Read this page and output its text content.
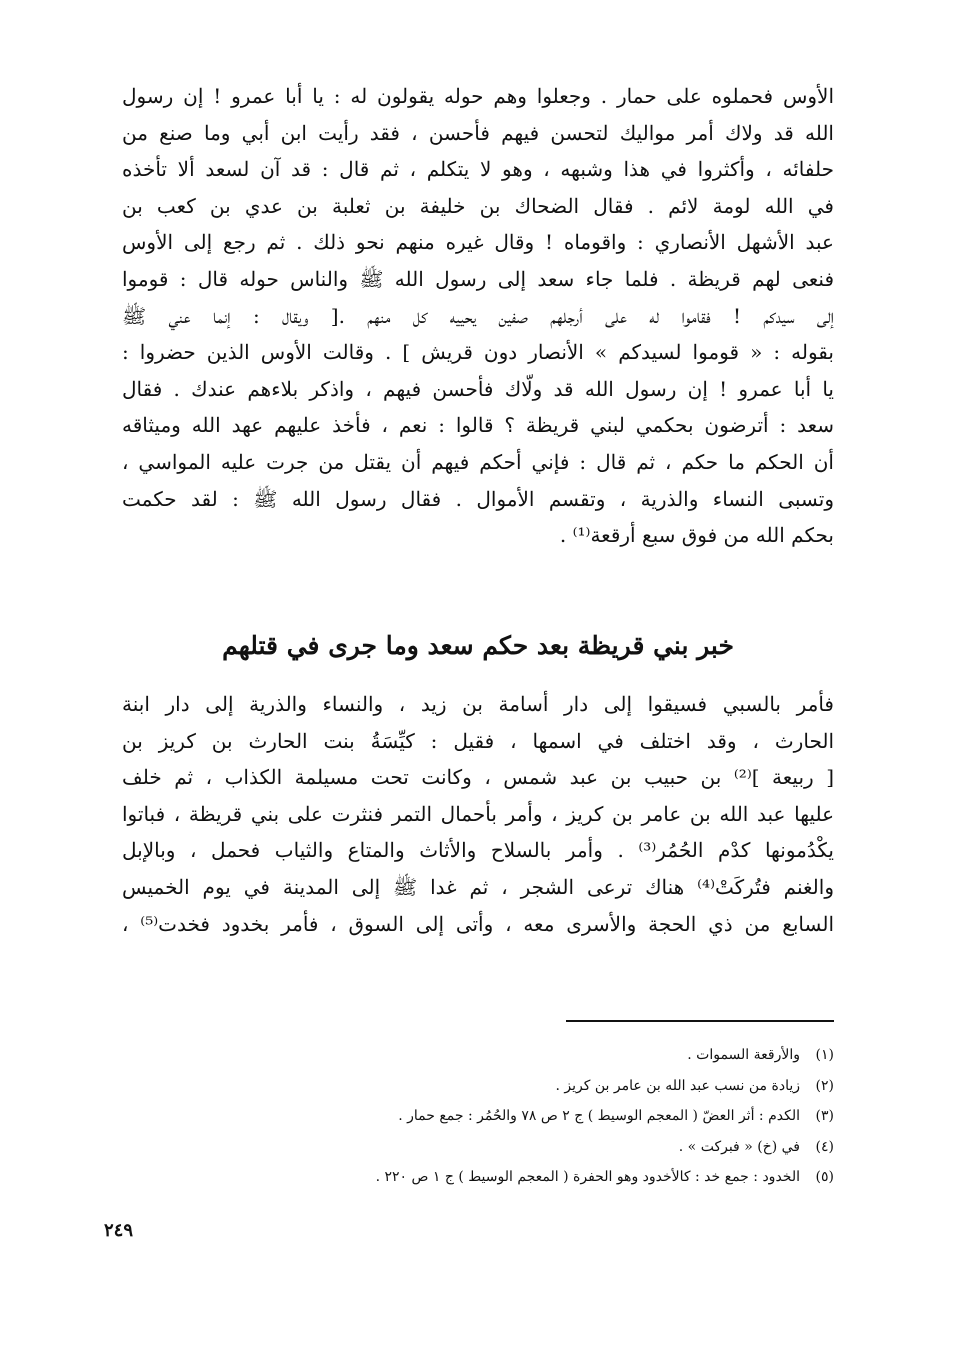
الأوس فحملوه على حمار . وجعلوا وهم حوله يقولون له : يا أبا عمرو ! إن رسول
الله قد ولاك أمر مواليك لتحسن فيهم فأحسن ، فقد رأيت ابن أبي وما صنع من
حلفائه ، وأكثروا في هذا وشبهه ، وهو لا يتكلم ، ثم قال : قد آن لسعد ألا تأخذه
في الله لومة لائم . فقال الضحاك بن خليفة بن ثعلبة بن عدي بن كعب بن
عبد الأشهل الأنصاري : واقوماه ! وقال غيره منهم نحو ذلك . ثم رجع إلى الأوس
فنعى لهم قريظة . فلما جاء سعد إلى رسول الله ﷺ والناس حوله قال : قوموا
إلى سيدكم ! فقاموا له على أرجلهم صفين يحييه كل منهم .[ ويقال : إنما عني ﷺ
بقوله : « قوموا لسيدكم » الأنصار دون قريش ] . وقالت الأوس الذين حضروا :
يا أبا عمرو ! إن رسول الله قد ولّاك فأحسن فيهم ، واذكر بلاءهم عندك . فقال
سعد : أترضون بحكمي لبني قريظة ؟ قالوا : نعم ، فأخذ عليهم عهد الله وميثاقه
أن الحكم ما حكم ، ثم قال : فإني أحكم فيهم أن يقتل من جرت عليه المواسي ،
وتسبى النساء والذرية ، وتقسم الأموال . فقال رسول الله ﷺ : لقد حكمت
بحكم الله من فوق سبع أرقعة⁽¹⁾ .
خبر بني قريظة بعد حكم سعد وما جرى في قتلهم
فأمر بالسبي فسيقوا إلى دار أسامة بن زيد ، والنساء والذرية إلى دار ابنة
الحارث ، وقد اختلف في اسمها ، فقيل : كيِّسَةُ بنت الحارث بن كريز بن
[ ربيعة ]⁽²⁾ بن حبيب بن عبد شمس ، وكانت تحت مسيلمة الكذاب ، ثم خلف
عليها عبد الله بن عامر بن كريز ، وأمر بأحمال التمر فنثرت على بني قريظة ، فباتوا
يكْدُمونها كدْم الحُمُر⁽³⁾ . وأمر بالسلاح والأثاث والمتاع والثياب فحمل ، وبالإبل
والغنم فتُركَتْ⁽⁴⁾ هناك ترعى الشجر ، ثم غدا ﷺ إلى المدينة في يوم الخميس
السابع من ذي الحجة والأسرى معه ، وأتى إلى السوق ، فأمر بخدود فخدت⁽⁵⁾ ،
(١)والأرقعة السموات .
(٢)زيادة من نسب عبد الله بن عامر بن كريز .
(٣)الكدم : أثر العضّ ( المعجم الوسيط ) ج ٢ ص ٧٨ والحُمُر : جمع حمار .
(٤)في (خ) « فبركت » .
(٥)الخدود : جمع خد : كالأخدود وهو الحفرة ( المعجم الوسيط ) ج ١ ص ٢٢٠ .
٢٤٩
